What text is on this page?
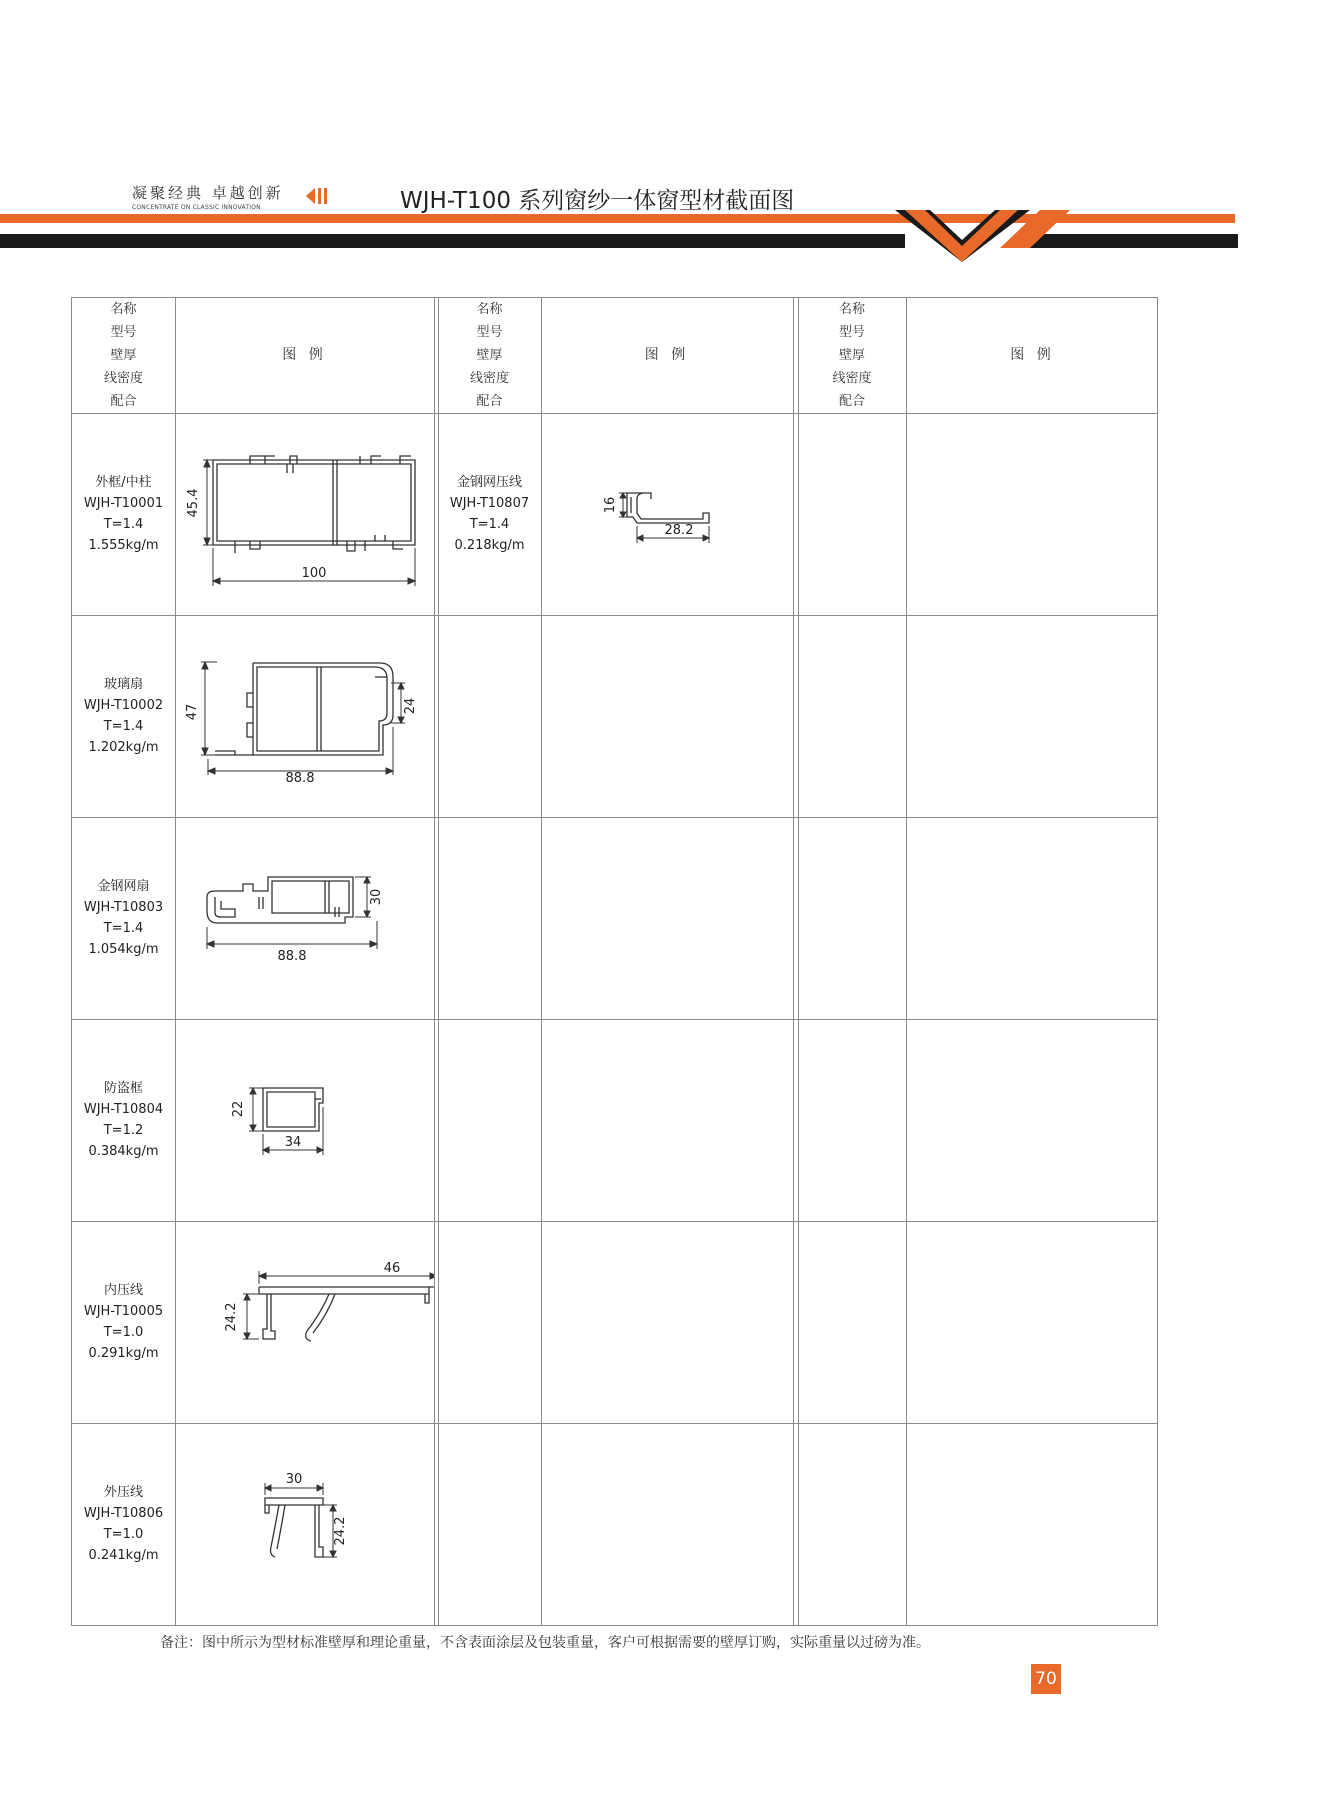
凝聚经典 卓越创新
CONCENTRATE ON CLASSIC INNOVATION	WJH-T100 系列窗纱一体窗型材截面图
名称
型号
壁厚
线密度
配合
图 例
名称
型号
壁厚
线密度
配合
图 例
名称
型号
壁厚
线密度
配合
图 例
外框/中柱
WJH-T10001
T=1.4
1.555kg/m
45.4
100
玻璃扇
WJH-T10002
T=1.4
1.202kg/m
47	24
88.8
金钢网扇
WJH-T10803
T=1.4
1.054kg/m
30
88.8
防盗框
WJH-T10804
T=1.2
0.384kg/m
22
34
内压线
WJH-T10005
T=1.0
0.291kg/m
46
24.2
外压线
WJH-T10806
T=1.0
0.241kg/m
30
24.2
金钢网压线
WJH-T10807
T=1.4
0.218kg/m
16
28.2
备注：图中所示为型材标准壁厚和理论重量，不含表面涂层及包装重量，客户可根据需要的壁厚订购，实际重量以过磅为准。
70
